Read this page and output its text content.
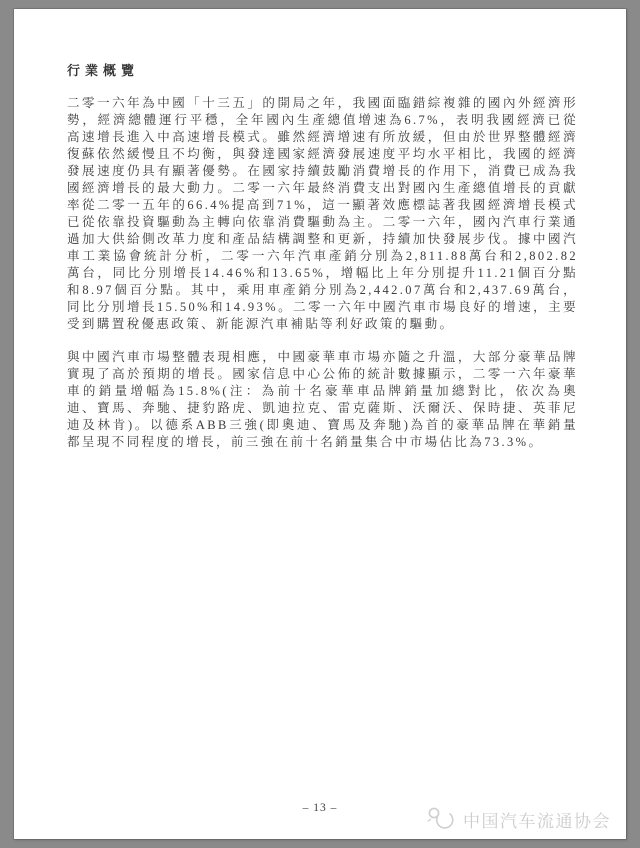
行業概覽

二零一六年為中國「十三五」的開局之年，我國面臨錯綜複雜的國內外經濟形勢，經濟總體運行平穩，全年國內生產總值增速為6.7%，表明我國經濟已從高速增長進入中高速增長模式。雖然經濟增速有所放緩，但由於世界整體經濟復蘇依然緩慢且不均衡，與發達國家經濟發展速度平均水平相比，我國的經濟發展速度仍具有顯著優勢。在國家持續鼓勵消費增長的作用下，消費已成為我國經濟增長的最大動力。二零一六年最終消費支出對國內生產總值增長的貢獻率從二零一五年的66.4%提高到71%，這一顯著效應標誌著我國經濟增長模式已從依靠投資驅動為主轉向依靠消費驅動為主。二零一六年，國內汽車行業通過加大供給側改革力度和產品結構調整和更新，持續加快發展步伐。據中國汽車工業協會統計分析，二零一六年汽車產銷分別為2,811.88萬台和2,802.82萬台，同比分別增長14.46%和13.65%，增幅比上年分別提升11.21個百分點和8.97個百分點。其中，乘用車產銷分別為2,442.07萬台和2,437.69萬台，同比分別增長15.50%和14.93%。二零一六年中國汽車市場良好的增速，主要受到購置稅優惠政策、新能源汽車補貼等利好政策的驅動。

與中國汽車市場整體表現相應，中國豪華車市場亦隨之升溫，大部分豪華品牌實現了高於預期的增長。國家信息中心公佈的統計數據顯示，二零一六年豪華車的銷量增幅為15.8%(注：為前十名豪華車品牌銷量加總對比，依次為奧迪、寶馬、奔馳、捷豹路虎、凱迪拉克、雷克薩斯、沃爾沃、保時捷、英菲尼迪及林肯)。以德系ABB三強(即奧迪、寶馬及奔馳)為首的豪華品牌在華銷量都呈現不同程度的增長，前三強在前十名銷量集合中市場佔比為73.3%。

– 13 –
中国汽车流通协会
